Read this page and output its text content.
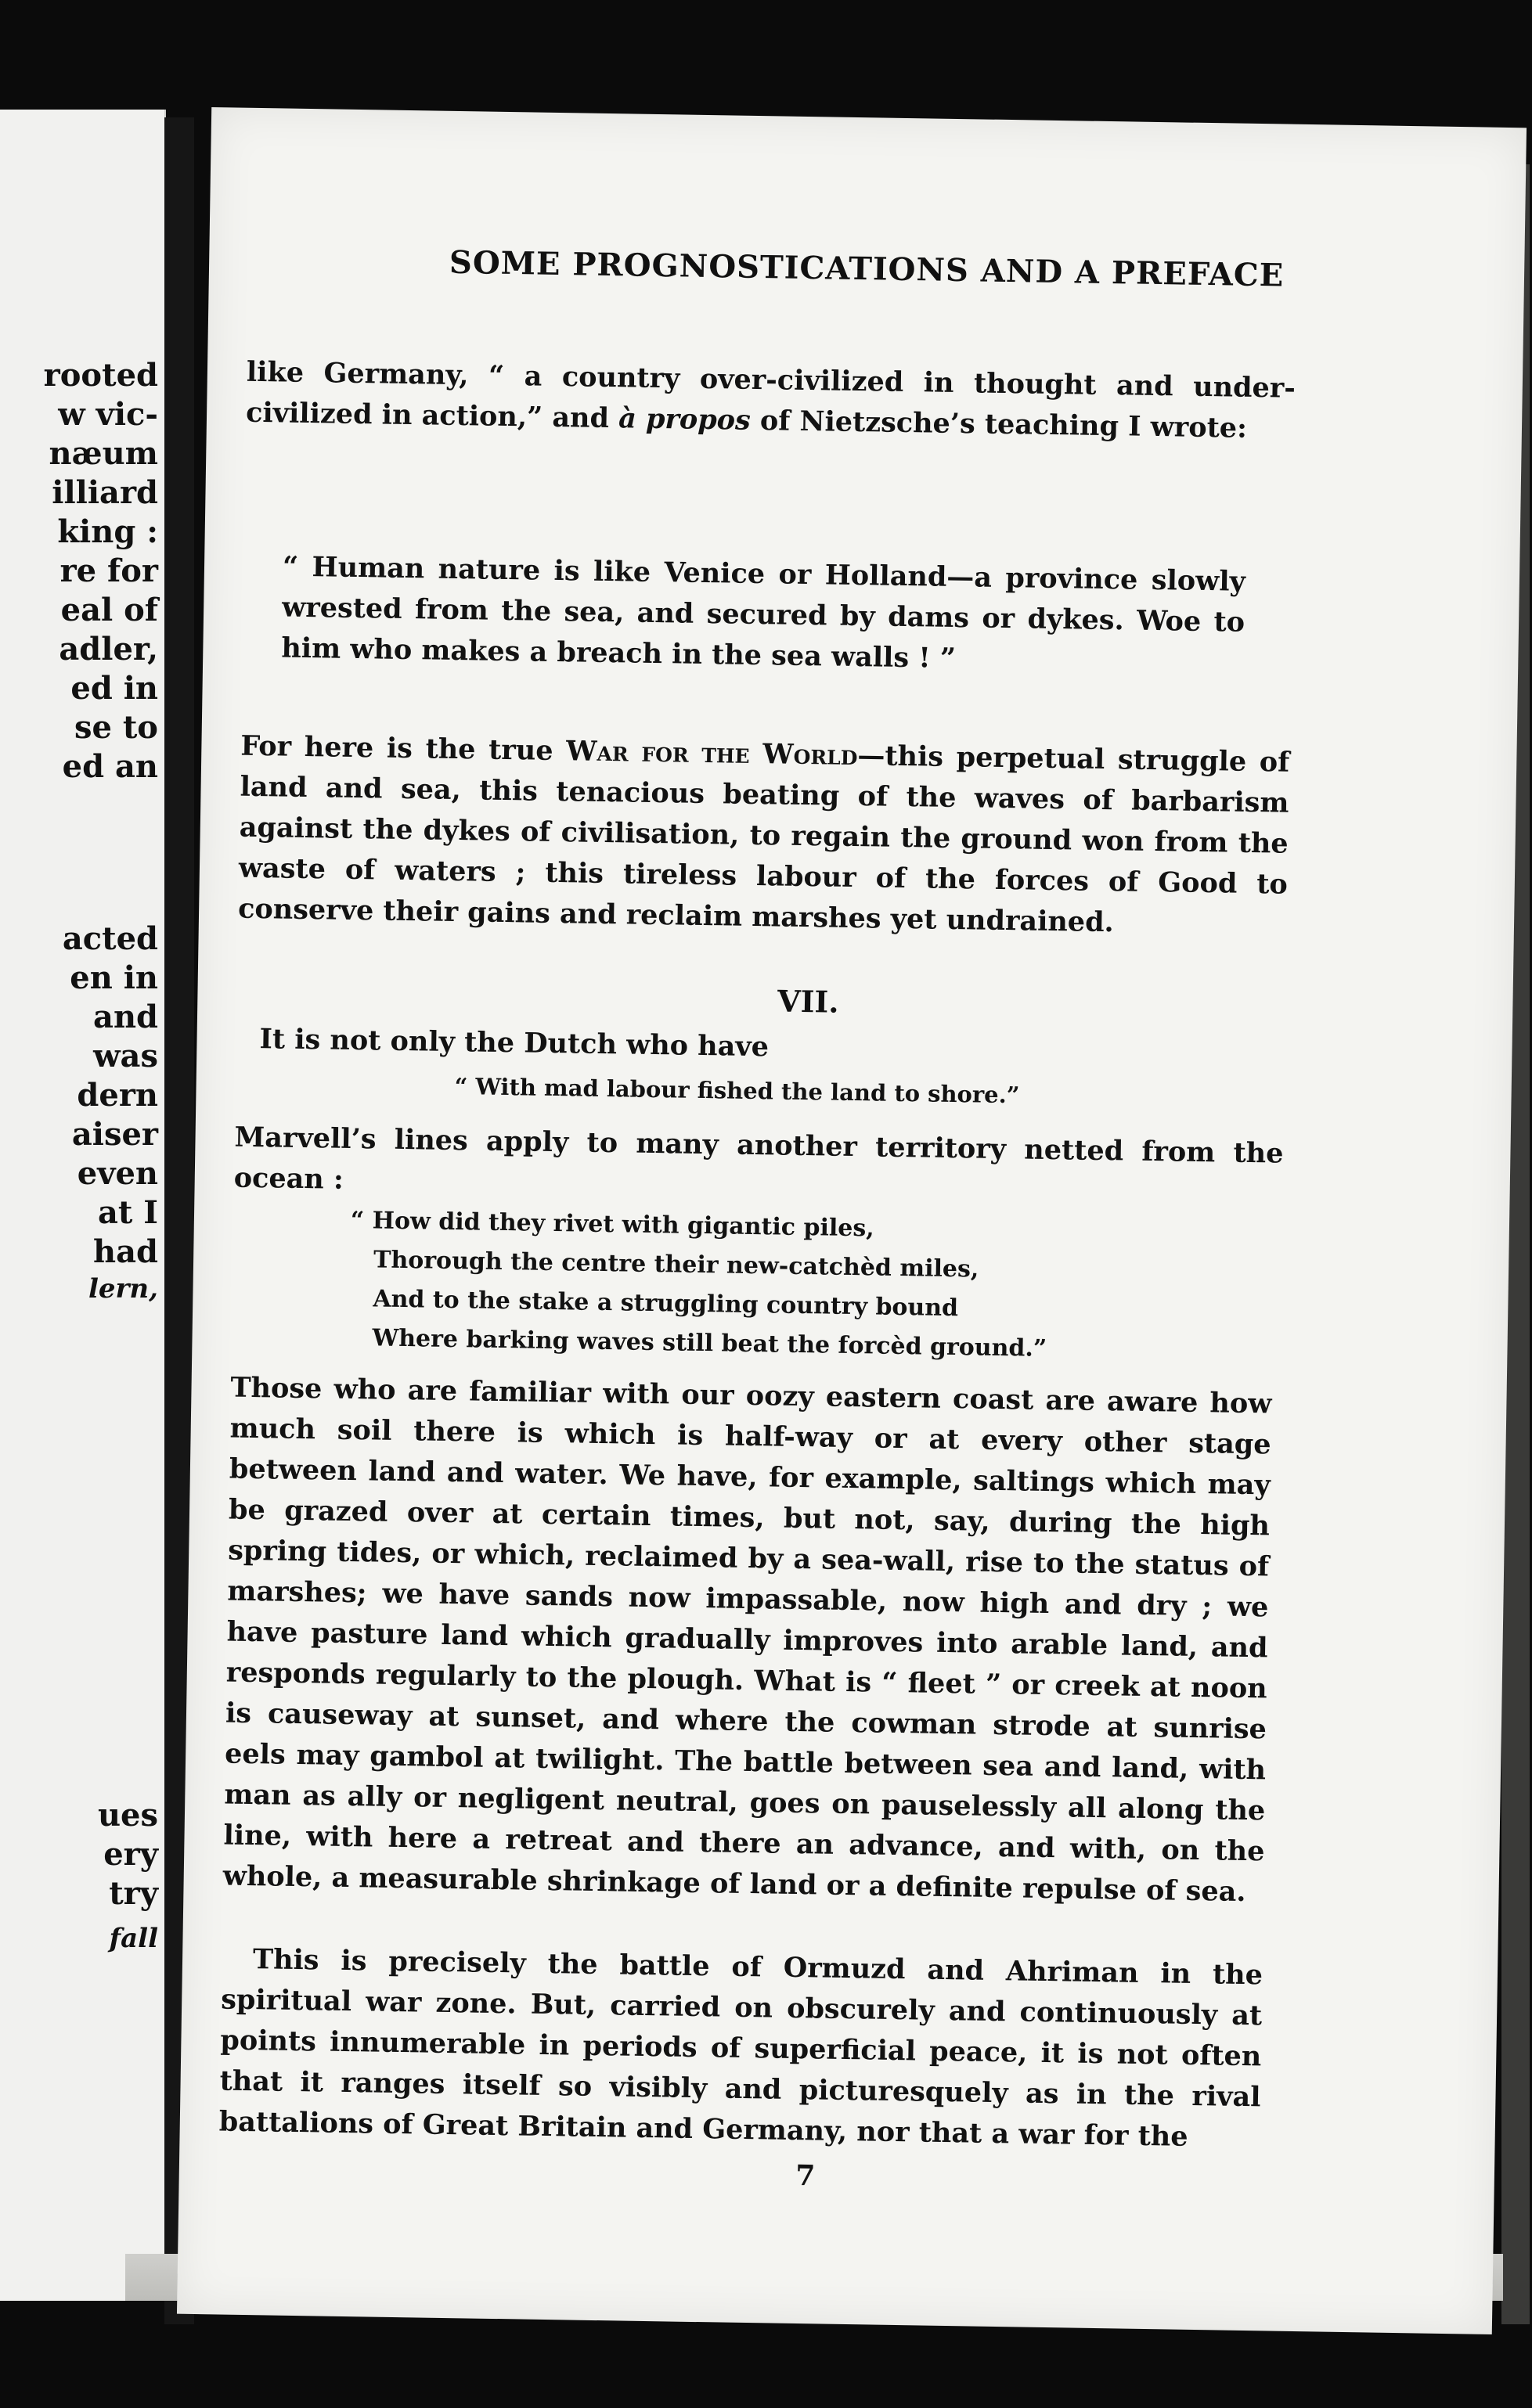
rooted
w vic-
næum
illiard
king :
re for
eal of
adler,
ed in
se to
ed an
acted
en in
and
was
dern
aiser
even
at I
had
lern,
ues
ery
try
fall
SOME PROGNOSTICATIONS AND A PREFACE
like Germany, “ a country over-civilized in thought and under-civilized in action,” and à propos of Nietzsche’s teaching I wrote:
“ Human nature is like Venice or Holland—a province slowly wrested from the sea, and secured by dams or dykes. Woe to him who makes a breach in the sea walls ! ”
For here is the true War for the World—this perpetual struggle of land and sea, this tenacious beating of the waves of barbarism against the dykes of civilisation, to regain the ground won from the waste of waters ; this tireless labour of the forces of Good to conserve their gains and reclaim marshes yet undrained.
VII.
It is not only the Dutch who have
“ With mad labour fished the land to shore.”
Marvell’s lines apply to many another territory netted from the ocean :
“ How did they rivet with gigantic piles,
Thorough the centre their new-catchèd miles,
And to the stake a struggling country bound
Where barking waves still beat the forcèd ground.”
Those who are familiar with our oozy eastern coast are aware how much soil there is which is half-way or at every other stage between land and water. We have, for example, saltings which may be grazed over at certain times, but not, say, during the high spring tides, or which, reclaimed by a sea-wall, rise to the status of marshes; we have sands now impassable, now high and dry ; we have pasture land which gradually improves into arable land, and responds regularly to the plough. What is “ fleet ” or creek at noon is causeway at sunset, and where the cowman strode at sunrise eels may gambol at twilight. The battle between sea and land, with man as ally or negligent neutral, goes on pauselessly all along the line, with here a retreat and there an advance, and with, on the whole, a measurable shrinkage of land or a definite repulse of sea.
This is precisely the battle of Ormuzd and Ahriman in the spiritual war zone. But, carried on obscurely and continuously at points innumerable in periods of superficial peace, it is not often that it ranges itself so visibly and picturesquely as in the rival battalions of Great Britain and Germany, nor that a war for the
7
